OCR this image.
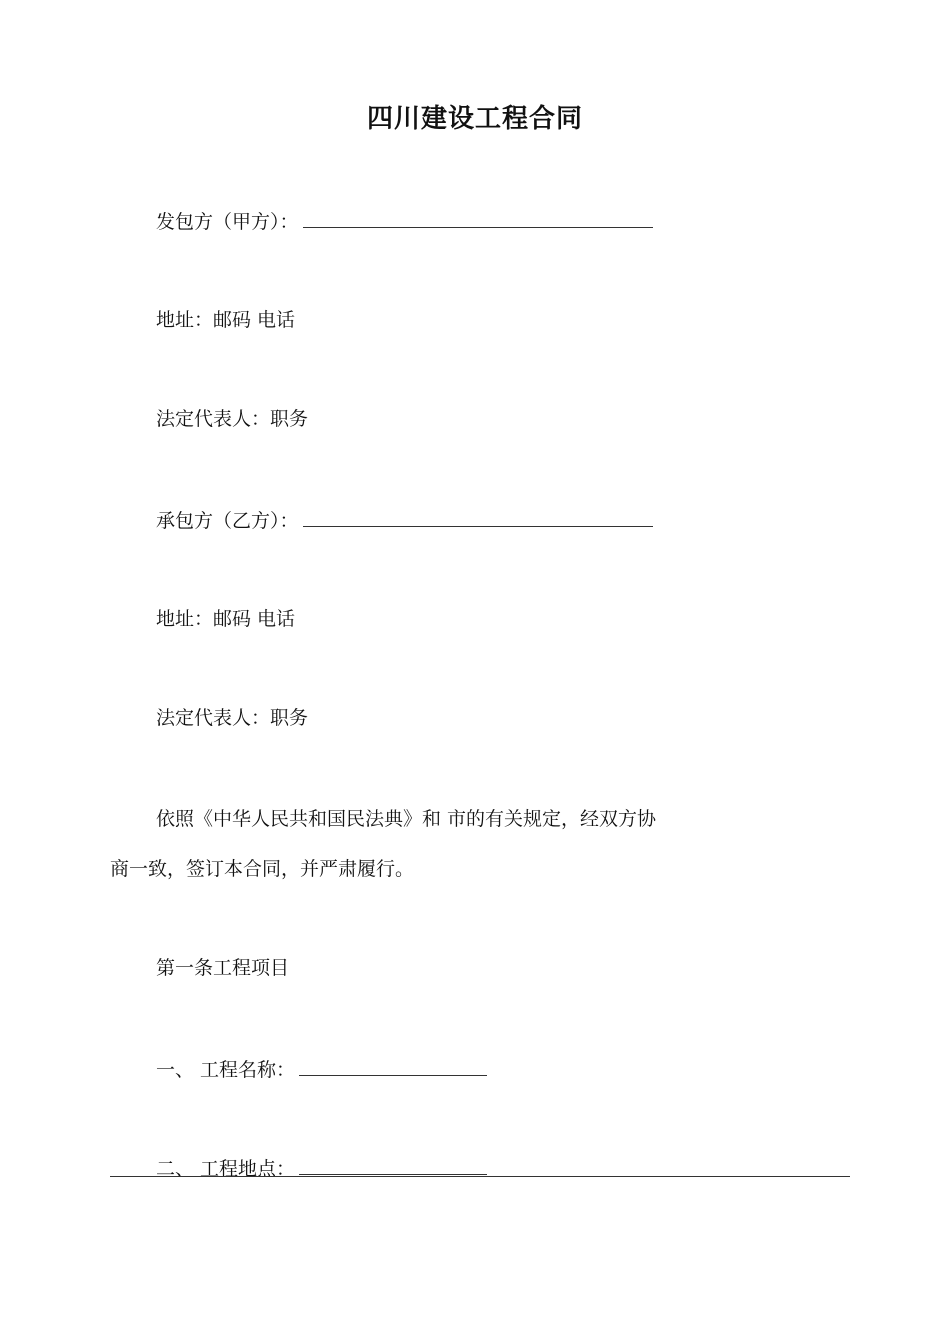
四川建设工程合同
发包方（甲方）：
地址：邮码 电话
法定代表人：职务
承包方（乙方）：
地址：邮码 电话
法定代表人：职务
依照《中华人民共和国民法典》和 市的有关规定，经双方协
商一致，签订本合同，并严肃履行。
第一条工程项目
一、 工程名称：
二、 工程地点：
